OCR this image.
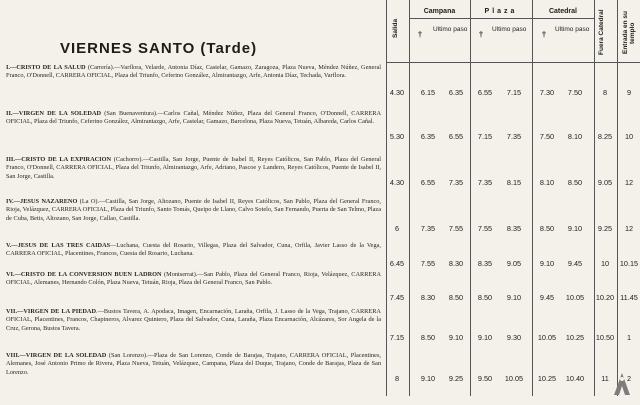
VIERNES SANTO (Tarde)
I.—CRISTO DE LA SALUD (Carrería).—Varflora, Velarde, Antonia Díaz, Castelar, Gamazo, Zaragoza, Plaza Nueva, Méndez Núñez, General Franco, O'Donnell, CARRERA OFICIAL, Plaza del Triunfo, Ceferino González, Almirantazgo, Arfe, Antonia Díaz, Techada, Varflora.
II.—VIRGEN DE LA SOLEDAD (San Buenaventura).—Carlos Cañal, Méndez Núñez, Plaza del General Franco, O'Donnell, CARRERA OFICIAL, Plaza del Triunfo, Ceferino González, Almirantazgo, Arfe, Castelar, Gamazo, Barcelona, Plaza Nueva, Tetuán, Albareda, Carlos Cañal.
III.—CRISTO DE LA EXPIRACION (Cachorro).—Castilla, San Jorge, Puente de Isabel II, Reyes Católicos, San Pablo, Plaza del General Franco, O'Donnell, CARRERA OFICIAL, Plaza del Triunfo, Almirantazgo, Arfe, Adriano, Pascoe y Landero, Reyes Católicos, Puente de Isabel II, San Jorge, Castilla.
IV.—JESUS NAZARENO (La O).—Castilla, San Jorge, Altozano, Puente de Isabel II, Reyes Católicos, San Pablo, Plaza del General Franco, Rioja, Velázquez, CARRERA OFICIAL, Plaza del Triunfo, Santo Tomás, Queipo de Llano, Calvo Sotelo, San Fernando, Puerta de San Telmo, Plaza de Cuba, Betis, Altozano, San Jorge, Callao, Castilla.
V.—JESUS DE LAS TRES CAIDAS—Luchana, Cuesta del Rosario, Villegas, Plaza del Salvador, Cuna, Orfila, Javier Lasso de la Vega, CARRERA OFICIAL, Placentines, Francos, Cuesta del Rosario, Luchana.
VI.—CRISTO DE LA CONVERSION BUEN LADRON (Montserrat).—San Pablo, Plaza del General Franco, Rioja, Velázquez, CARRERA OFICIAL, Alemanes, Hernando Colón, Plaza Nueva, Tetuán, Rioja, Plaza del General Franco, San Pablo.
VII.—VIRGEN DE LA PIEDAD.—Bustos Tavera, A. Apodaca, Imagen, Encarnación, Laraña, Orfila, J. Lasso de la Vega, Trajano, CARRERA OFICIAL, Placentines, Francos, Chapineros, Alvarez Quintero, Plaza del Salvador, Cuna, Laraña, Plaza Encarnación, Alcázares, Sor Angela de la Cruz, Gerona, Bustos Tavera.
VIII.—VIRGEN DE LA SOLEDAD (San Lorenzo).—Plaza de San Lorenzo, Conde de Barajas, Trajano, CARRERA OFICIAL, Placentines, Alemanes, José Antonio Primo de Rivera, Plaza Nueva, Tetuán, Velázquez, Campana, Plaza del Duque, Trajano, Conde de Barajas, Plaza de San Lorenzo.
Salida
Campana	Plaza	Catedral	Fuera Catedral	Entrada en su templo
†
Ultimo paso
†
Ultimo paso
†
Ultimo paso
4.30	6.15	6.35	6.55	7.15	7.30	7.50	8	9
5.30	6.35	6.55	7.15	7.35	7.50	8.10	8.25	10
4.30	6.55	7.35	7.35	8.15	8.10	8.50	9.05	12
6	7.35	7.55	7.55	8.35	8.50	9.10	9.25	12
6.45	7.55	8.30	8.35	9.05	9.10	9.45	10	10.15
7.45	8.30	8.50	8.50	9.10	9.45	10.05	10.20 11.45
7.15	8.50	9.10	9.10	9.30	10.05	10.25	10.50	1
8	9.10	9.25	9.50	10.05	10.25	10.40	11	2
